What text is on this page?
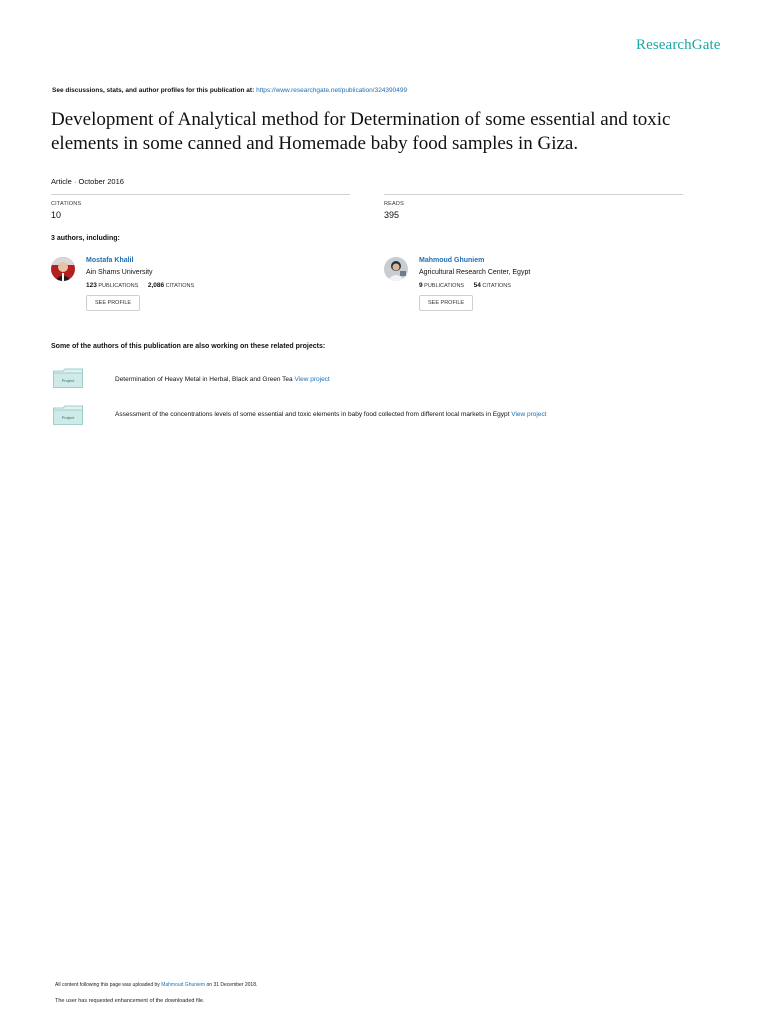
ResearchGate
See discussions, stats, and author profiles for this publication at: https://www.researchgate.net/publication/324390499
Development of Analytical method for Determination of some essential and toxic elements in some canned and Homemade baby food samples in Giza.
Article · October 2016
CITATIONS
10
READS
395
3 authors, including:
Mostafa Khalil
Ain Shams University
123 PUBLICATIONS 2,086 CITATIONS
SEE PROFILE
Mahmoud Ghuniem
Agricultural Research Center, Egypt
9 PUBLICATIONS 54 CITATIONS
SEE PROFILE
Some of the authors of this publication are also working on these related projects:
Project	Determination of Heavy Metal in Herbal, Black and Green Tea View project
Project	Assessment of the concentrations levels of some essential and toxic elements in baby food collected from different local markets in Egypt View project
All content following this page was uploaded by Mahmoud Ghuniem on 31 December 2018.
The user has requested enhancement of the downloaded file.
